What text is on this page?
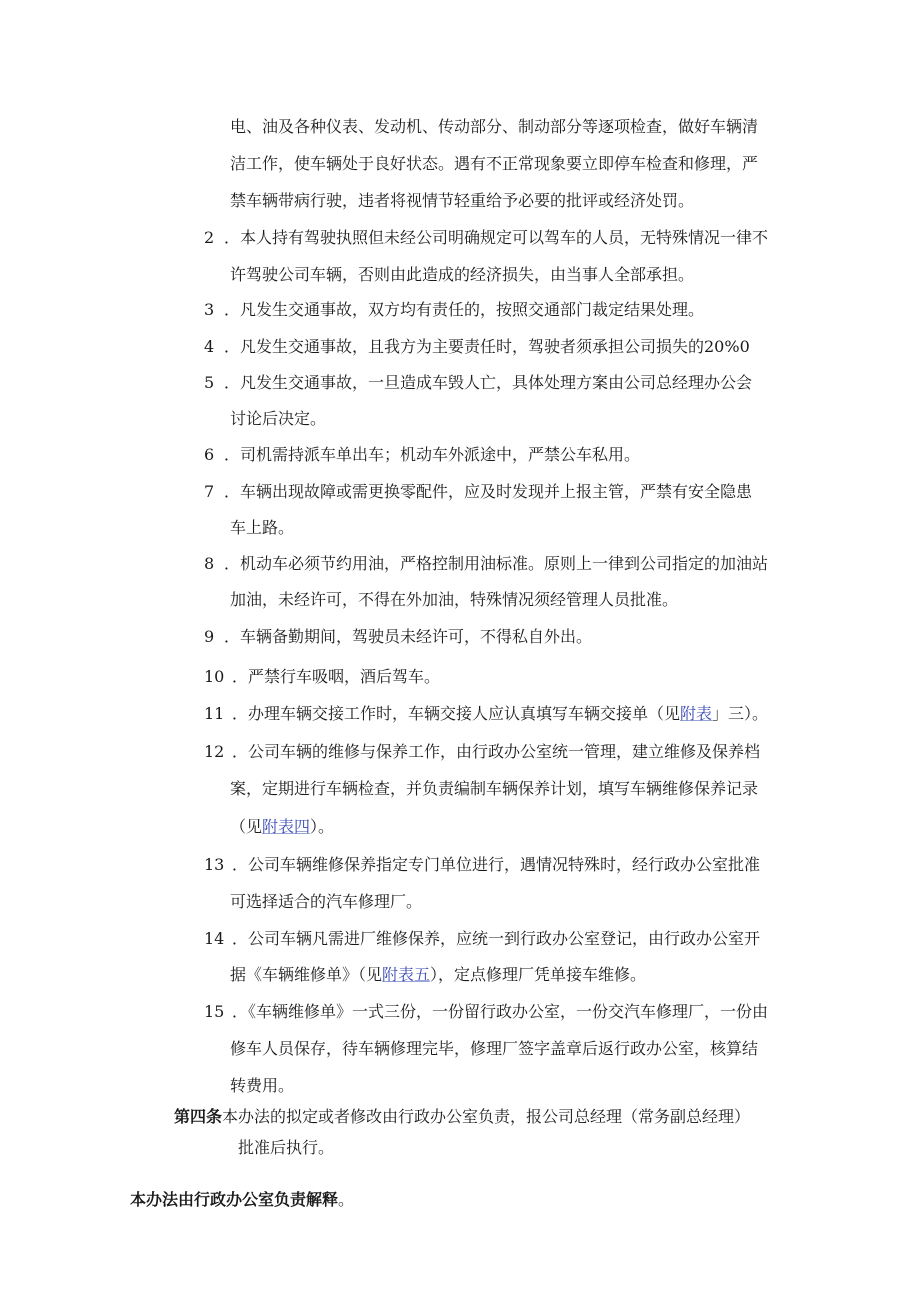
电、油及各种仪表、发动机、传动部分、制动部分等逐项检查，做好车辆清
洁工作，使车辆处于良好状态。遇有不正常现象要立即停车检查和修理，严
禁车辆带病行驶，违者将视情节轻重给予必要的批评或经济处罚。
2 ．本人持有驾驶执照但未经公司明确规定可以驾车的人员，无特殊情况一律不
许驾驶公司车辆，否则由此造成的经济损失，由当事人全部承担。
3 ．凡发生交通事故，双方均有责任的，按照交通部门裁定结果处理。
4 ．凡发生交通事故，且我方为主要责任时，驾驶者须承担公司损失的20%0
5 ．凡发生交通事故，一旦造成车毁人亡，具体处理方案由公司总经理办公会
讨论后决定。
6 ．司机需持派车单出车；机动车外派途中，严禁公车私用。
7 ．车辆出现故障或需更换零配件，应及时发现并上报主管，严禁有安全隐患
车上路。
8 ．机动车必须节约用油，严格控制用油标准。原则上一律到公司指定的加油站
加油，未经许可，不得在外加油，特殊情况须经管理人员批准。
9 ．车辆备勤期间，驾驶员未经许可，不得私自外出。
10 ．严禁行车吸咽，酒后驾车。
11 ．办理车辆交接工作时，车辆交接人应认真填写车辆交接单（见附表」三）。
12 ．公司车辆的维修与保养工作，由行政办公室统一管理，建立维修及保养档
案，定期进行车辆检查，并负责编制车辆保养计划，填写车辆维修保养记录
（见附表四）。
13 ．公司车辆维修保养指定专门单位进行，遇情况特殊时，经行政办公室批准
可选择适合的汽车修理厂。
14 ．公司车辆凡需进厂维修保养，应统一到行政办公室登记，由行政办公室开
据《车辆维修单》（见附表五），定点修理厂凭单接车维修。
15 ．《车辆维修单》一式三份，一份留行政办公室，一份交汽车修理厂，一份由
修车人员保存，待车辆修理完毕，修理厂签字盖章后返行政办公室，核算结
转费用。
第四条本办法的拟定或者修改由行政办公室负责，报公司总经理（常务副总经理）
批准后执行。
本办法由行政办公室负责解释。
